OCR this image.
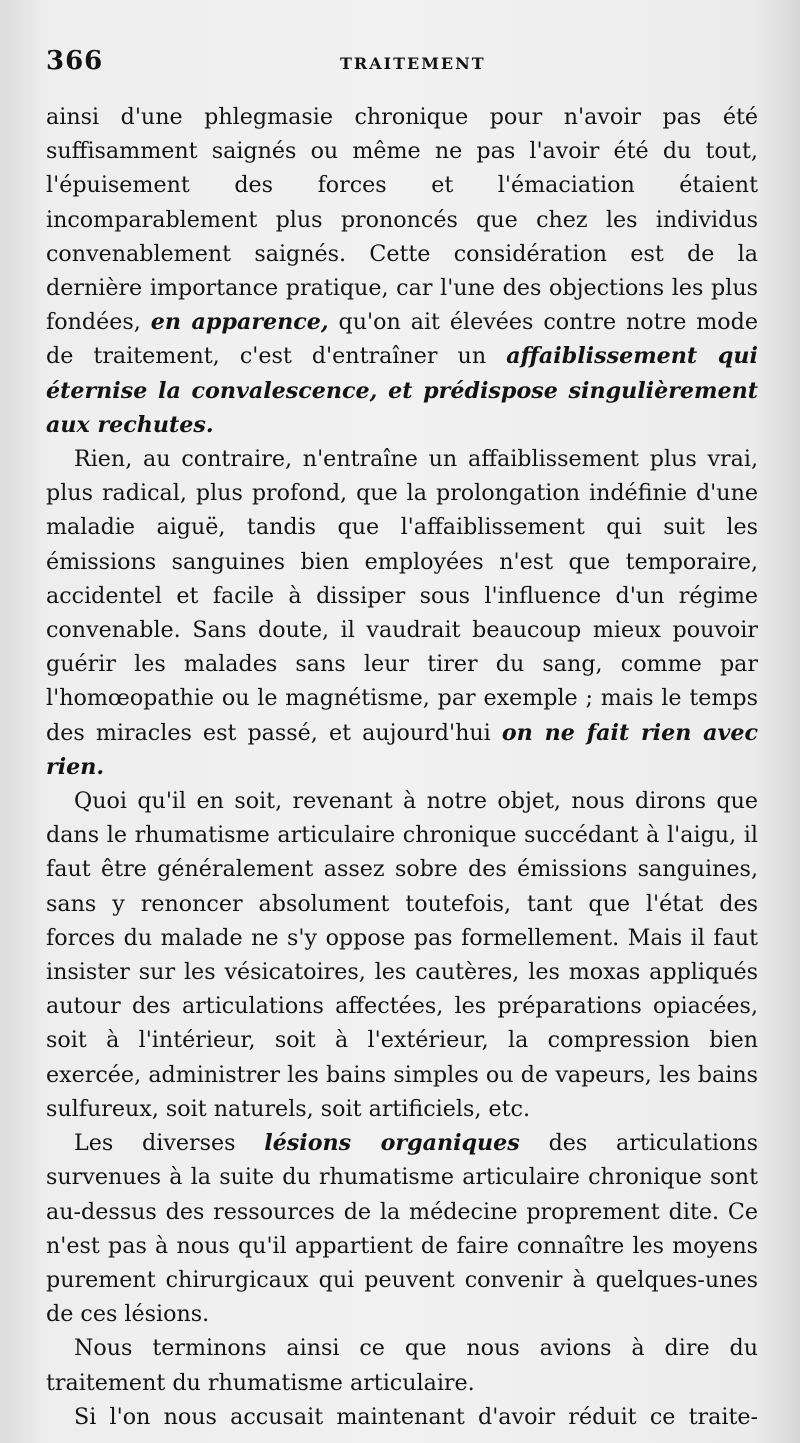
366	TRAITEMENT

ainsi d'une phlegmasie chronique pour n'avoir pas été suffisamment saignés ou même ne pas l'avoir été du tout, l'épuisement des forces et l'émaciation étaient incomparablement plus prononcés que chez les individus convenablement saignés. Cette considération est de la dernière importance pratique, car l'une des objections les plus fondées, en apparence, qu'on ait élevées contre notre mode de traitement, c'est d'entraîner un affaiblissement qui éternise la convalescence, et prédispose singulièrement aux rechutes.

Rien, au contraire, n'entraîne un affaiblissement plus vrai, plus radical, plus profond, que la prolongation indéfinie d'une maladie aiguë, tandis que l'affaiblissement qui suit les émissions sanguines bien employées n'est que temporaire, accidentel et facile à dissiper sous l'influence d'un régime convenable. Sans doute, il vaudrait beaucoup mieux pouvoir guérir les malades sans leur tirer du sang, comme par l'homœopathie ou le magnétisme, par exemple ; mais le temps des miracles est passé, et aujourd'hui on ne fait rien avec rien.

Quoi qu'il en soit, revenant à notre objet, nous dirons que dans le rhumatisme articulaire chronique succédant à l'aigu, il faut être généralement assez sobre des émissions sanguines, sans y renoncer absolument toutefois, tant que l'état des forces du malade ne s'y oppose pas formellement. Mais il faut insister sur les vésicatoires, les cautères, les moxas appliqués autour des articulations affectées, les préparations opiacées, soit à l'intérieur, soit à l'extérieur, la compression bien exercée, administrer les bains simples ou de vapeurs, les bains sulfureux, soit naturels, soit artificiels, etc.

Les diverses lésions organiques des articulations survenues à la suite du rhumatisme articulaire chronique sont au-dessus des ressources de la médecine proprement dite. Ce n'est pas à nous qu'il appartient de faire connaître les moyens purement chirurgicaux qui peuvent convenir à quelques-unes de ces lésions.

Nous terminons ainsi ce que nous avions à dire du traitement du rhumatisme articulaire.

Si l'on nous accusait maintenant d'avoir réduit ce traite-
